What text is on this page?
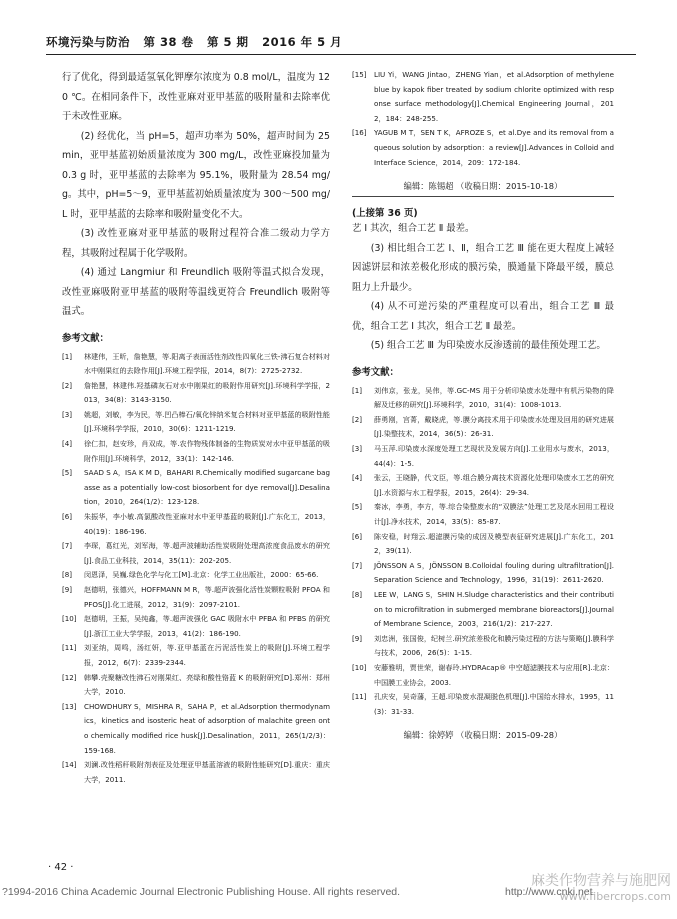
环境污染与防治 第 38 卷 第 5 期 2016 年 5 月

行了优化，得到最适氢氧化钾摩尔浓度为 0.8 mol/L，温度为 120 ℃。在相同条件下，改性亚麻对亚甲基蓝的吸附量和去除率优于未改性亚麻。

(2) 经优化，当 pH=5，超声功率为 50%，超声时间为 25 min，亚甲基蓝初始质量浓度为 300 mg/L，改性亚麻投加量为 0.3 g 时，亚甲基蓝的去除率为 95.1%，吸附量为 28.54 mg/g。其中，pH=5～9，亚甲基蓝初始质量浓度为 300～500 mg/L 时，亚甲基蓝的去除率和吸附量变化不大。

(3) 改性亚麻对亚甲基蓝的吸附过程符合准二级动力学方程，其吸附过程属于化学吸附。

(4) 通过 Langmiur 和 Freundlich 吸附等温式拟合发现，改性亚麻吸附亚甲基蓝的吸附等温线更符合 Freundlich 吸附等温式。

参考文献：
[1]	林建伟，王昕，詹艳慧，等.阳离子表面活性剂改性四氧化三铁-沸石复合材料对水中刚果红的去除作用[J].环境工程学报，2014，8(7)：2725-2732.
[2]	詹艳慧，林建伟.羟基磷灰石对水中刚果红的吸附作用研究[J].环境科学学报，2013，34(8)：3143-3150.
[3]	姚超，刘敏，李为民，等.凹凸棒石/氧化锌纳米复合材料对亚甲基蓝的吸附性能[J].环境科学学报，2010，30(6)：1211-1219.
[4]	徐仁扣，赵安珍，肖双成，等.农作物残体制备的生物质炭对水中亚甲基蓝的吸附作用[J].环境科学，2012，33(1)：142-146.
[5]	SAAD S A，ISA K M D，BAHARI R.Chemically modified sugarcane bagasse as a potentially low-cost biosorbent for dye removal[J].Desalination，2010，264(1/2)：123-128.
[6]	朱振华，李小敏.高氯酸改性亚麻对水中亚甲基蓝的吸附[J].广东化工，2013，40(19)：186-196.
[7]	李琛，葛红光，刘军海，等.超声波辅助活性炭吸附处理高浓度食品废水的研究[J].食品工业科技，2014，35(11)：202-205.
[8]	闵恩泽，吴巍.绿色化学与化工[M].北京：化学工业出版社，2000：65-66.
[9]	赵德明，张德兴，HOFFMANN M R，等.超声波强化活性炭颗粒吸附 PFOA 和 PFOS[J].化工进展，2012，31(9)：2097-2101.
[10]	赵德明，王振，吴纯鑫，等.超声波强化 GAC 吸附水中 PFBA 和 PFBS 的研究[J].浙江工业大学学报，2013，41(2)：186-190.
[11]	刘亚纳，周鸣，汤红妍，等.亚甲基蓝在污泥活性炭上的吸附[J].环境工程学报，2012，6(7)：2339-2344.
[12]	韩攀.壳聚糖改性沸石对刚果红、亮绿和酸性铬蓝 K 的吸附研究[D].郑州：郑州大学，2010.
[13]	CHOWDHURY S，MISHRA R，SAHA P，et al.Adsorption thermodynamics，kinetics and isosteric heat of adsorption of malachite green onto chemically modified rice husk[J].Desalination，2011，265(1/2/3)：159-168.
[14]	刘澜.改性稻秆吸附剂表征及处理亚甲基蓝溶液的吸附性能研究[D].重庆：重庆大学，2011.
[15]	LIU Yi，WANG Jintao，ZHENG Yian，et al.Adsorption of methylene blue by kapok fiber treated by sodium chlorite optimized with response surface methodology[J].Chemical Engineering Journal，2012，184：248-255.
[16]	YAGUB M T，SEN T K，AFROZE S，et al.Dye and its removal from aqueous solution by adsorption：a review[J].Advances in Colloid and Interface Science，2014，209：172-184.
编辑：陈锡超 （收稿日期：2015-10-18）
(上接第 36 页)

艺 Ⅰ 其次，组合工艺 Ⅱ 最差。

(3) 相比组合工艺 Ⅰ、Ⅱ，组合工艺 Ⅲ 能在更大程度上减轻因滤饼层和浓差极化形成的膜污染，膜通量下降最平缓，膜总阻力上升最少。

(4) 从不可逆污染的严重程度可以看出，组合工艺 Ⅲ 最优，组合工艺 Ⅰ 其次，组合工艺 Ⅱ 最差。

(5) 组合工艺 Ⅲ 为印染废水反渗透前的最佳预处理工艺。

参考文献：
[1]	刘伟京，张龙，吴伟，等.GC-MS 用于分析印染废水处理中有机污染物的降解及迁移的研究[J].环境科学，2010，31(4)：1008-1013.
[2]	薛勇刚，宫菁，戴晓虎，等.膜分离技术用于印染废水处理及回用的研究进展[J].染整技术，2014，36(5)：26-31.
[3]	马玉萍.印染废水深度处理工艺现状及发展方向[J].工业用水与废水，2013，44(4)：1-5.
[4]	张云，王晓静，代文臣，等.组合膜分离技术资源化处理印染废水工艺的研究[J].水资源与水工程学报，2015，26(4)：29-34.
[5]	秦冰，李勇，李方，等.综合染整废水的“双膜法”处理工艺及尾水回用工程设计[J].净水技术，2014，33(5)：85-87.
[6]	陈安稳，时翔云.超滤膜污染的成因及模型表征研究进展[J].广东化工，2012，39(11).
[7]	JÖNSSON A S，JÖNSSON B.Colloidal fouling during ultrafiltration[J].Separation Science and Technology，1996，31(19)：2611-2620.
[8]	LEE W，LANG S，SHIN H.Sludge characteristics and their contribution to microfiltration in submerged membrane bioreactors[J].Journal of Membrane Science，2003，216(1/2)：217-227.
[9]	刘忠洲，张国俊，纪树兰.研究浓差极化和膜污染过程的方法与策略[J].膜科学与技术，2006，26(5)：1-15.
[10]	安藤雅明，贾世荣，谢春玲.HYDRAcap® 中空超滤膜技术与应用[R].北京：中国膜工业协会，2003.
[11]	孔庆安，吴奇藩，王超.印染废水混凝脱色机理[J].中国给水排水，1995，11(3)：31-33.
编辑：徐婷婷 （收稿日期：2015-09-28）
· 42 ·
?1994-2016 China Academic Journal Electronic Publishing House. All rights reserved.	http://www.cnki.net
麻类作物营养与施肥网
www.fibercrops.com
